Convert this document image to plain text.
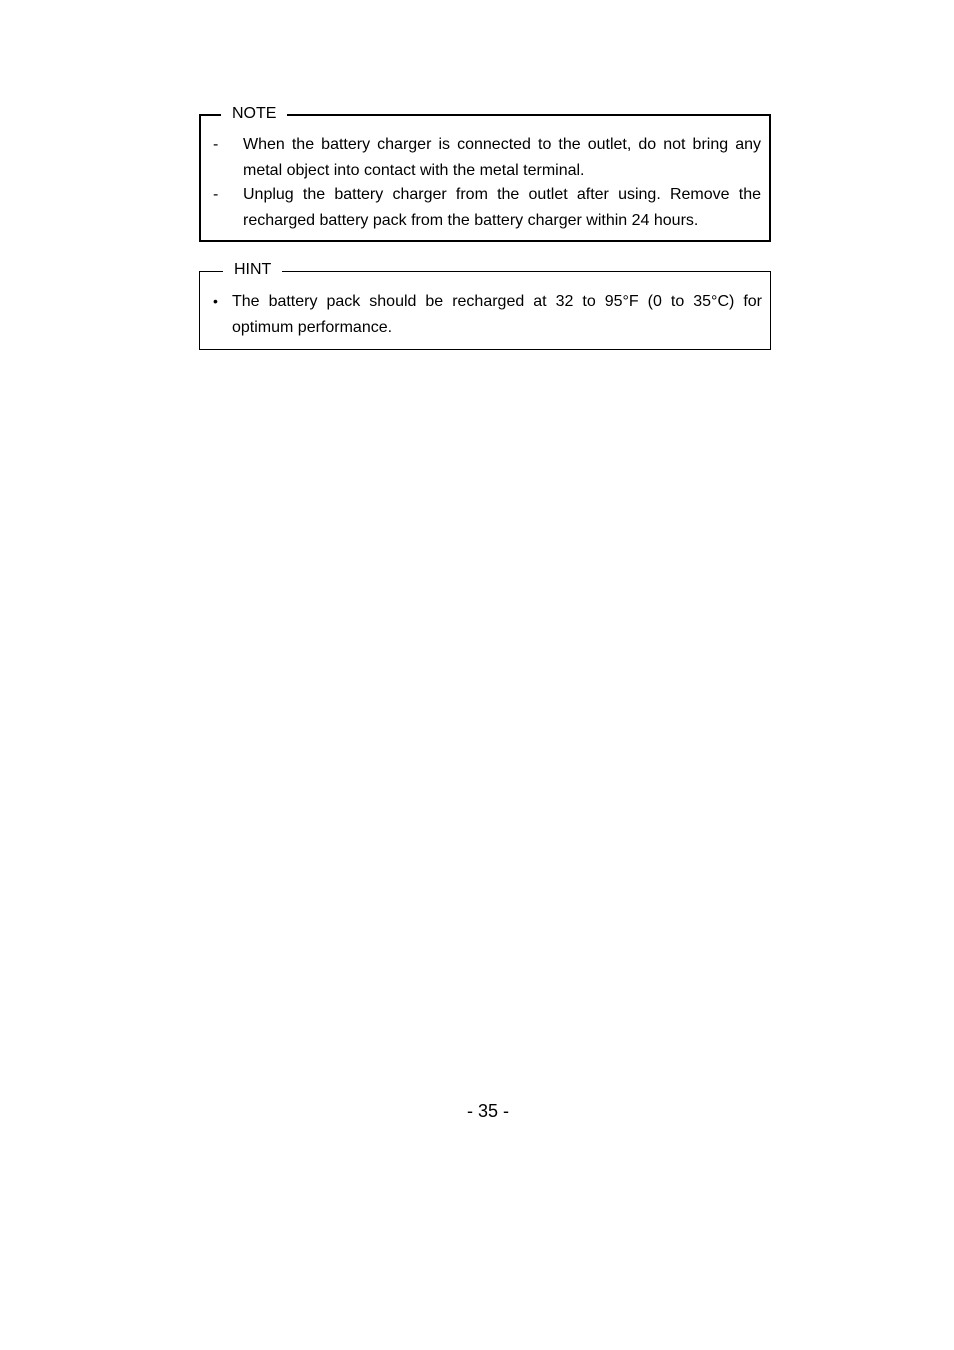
NOTE
-	When the battery charger is connected to the outlet, do not bring any metal object into contact with the metal terminal.
-	Unplug the battery charger from the outlet after using. Remove the recharged battery pack from the battery charger within 24 hours.
HINT
• The battery pack should be recharged at 32 to 95°F (0 to 35°C) for optimum performance.
- 35 -
